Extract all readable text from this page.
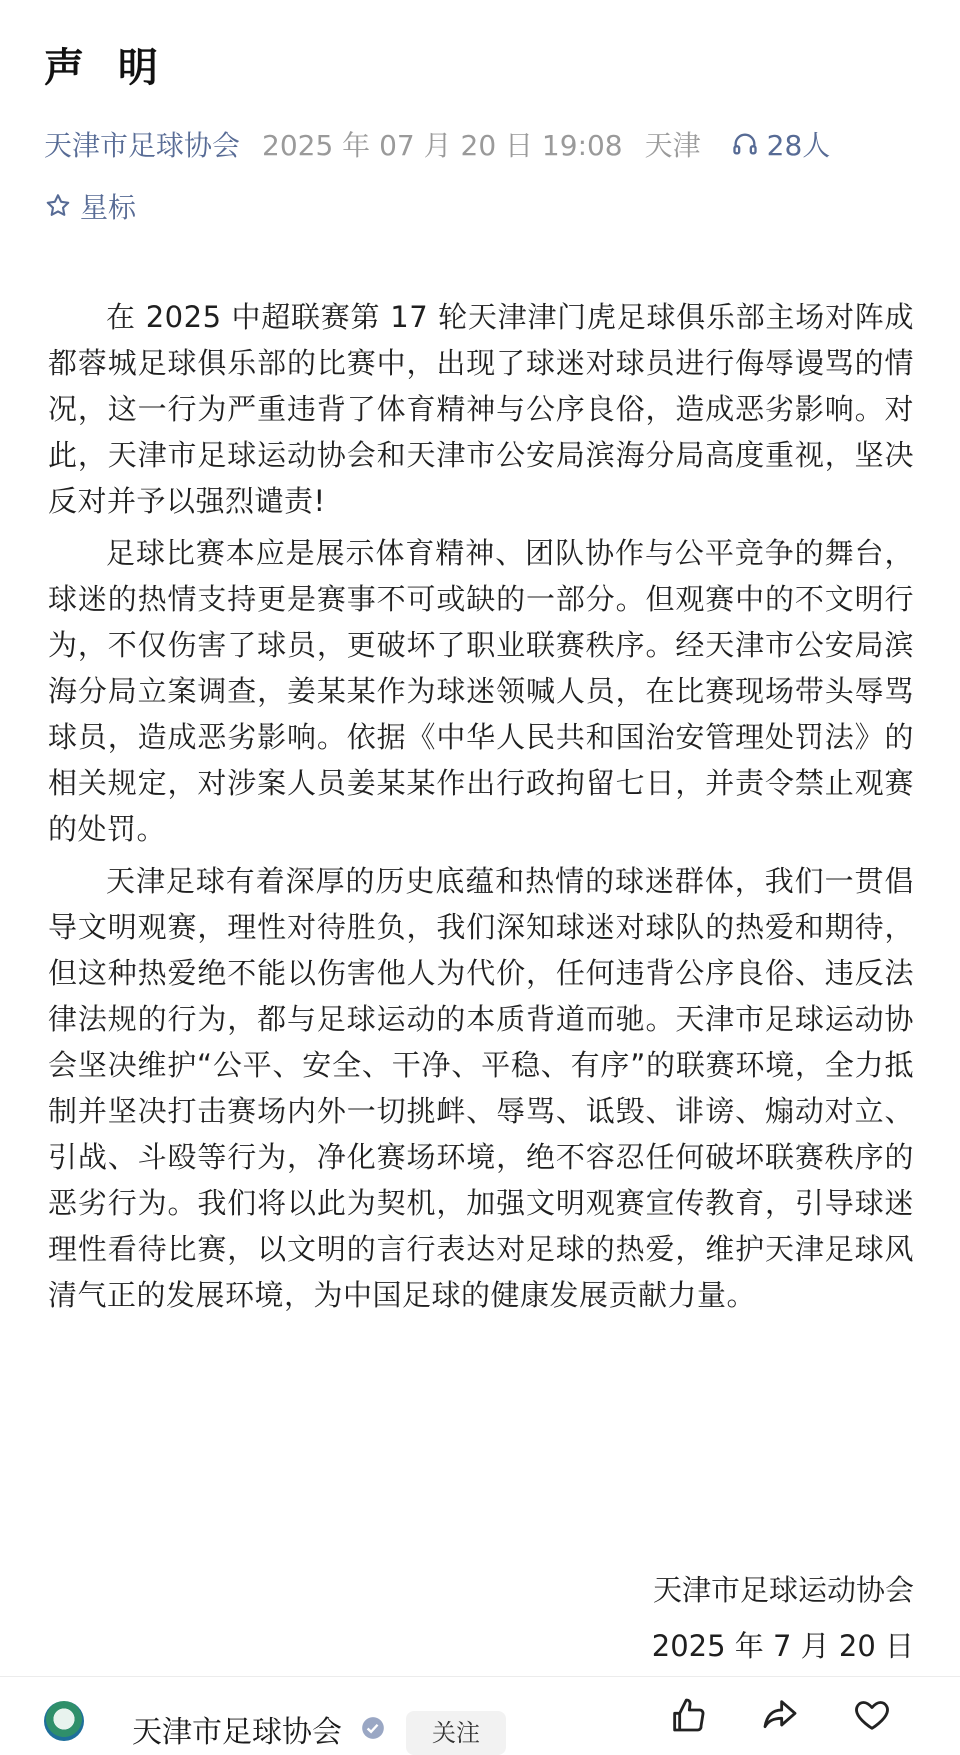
声 明
天津市足球协会 2025 年 07 月 20 日 19:08 天津 28人
星标

在 2025 中超联赛第 17 轮天津津门虎足球俱乐部主场对阵成都蓉城足球俱乐部的比赛中，出现了球迷对球员进行侮辱谩骂的情况，这一行为严重违背了体育精神与公序良俗，造成恶劣影响。对此，天津市足球运动协会和天津市公安局滨海分局高度重视，坚决反对并予以强烈谴责!

足球比赛本应是展示体育精神、团队协作与公平竞争的舞台，球迷的热情支持更是赛事不可或缺的一部分。但观赛中的不文明行为，不仅伤害了球员，更破坏了职业联赛秩序。经天津市公安局滨海分局立案调查，姜某某作为球迷领喊人员，在比赛现场带头辱骂球员，造成恶劣影响。依据《中华人民共和国治安管理处罚法》的相关规定，对涉案人员姜某某作出行政拘留七日，并责令禁止观赛的处罚。

天津足球有着深厚的历史底蕴和热情的球迷群体，我们一贯倡导文明观赛，理性对待胜负，我们深知球迷对球队的热爱和期待，但这种热爱绝不能以伤害他人为代价，任何违背公序良俗、违反法律法规的行为，都与足球运动的本质背道而驰。天津市足球运动协会坚决维护“公平、安全、干净、平稳、有序”的联赛环境，全力抵制并坚决打击赛场内外一切挑衅、辱骂、诋毁、诽谤、煽动对立、引战、斗殴等行为，净化赛场环境，绝不容忍任何破坏联赛秩序的恶劣行为。我们将以此为契机，加强文明观赛宣传教育，引导球迷理性看待比赛，以文明的言行表达对足球的热爱，维护天津足球风清气正的发展环境，为中国足球的健康发展贡献力量。

天津市足球运动协会
2025 年 7 月 20 日
天津市足球协会	关注
